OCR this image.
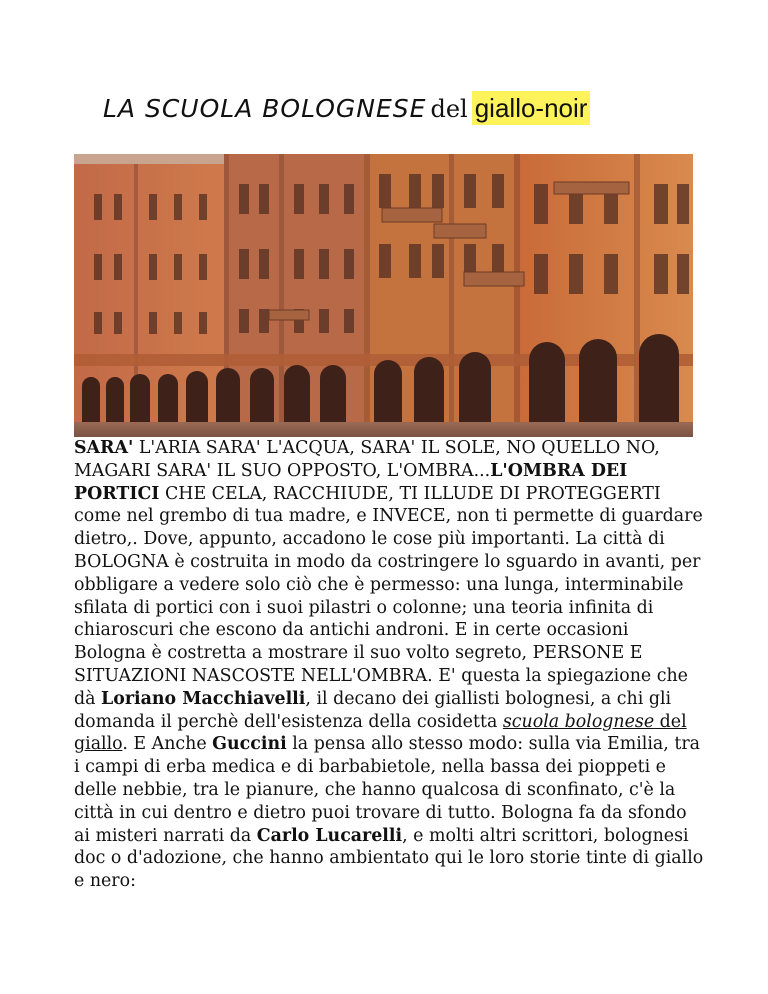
LA SCUOLA BOLOGNESE del giallo-noir
SARA' L'ARIA SARA' L'ACQUA, SARA' IL SOLE, NO QUELLO NO, MAGARI SARA' IL SUO OPPOSTO, L'OMBRA...L'OMBRA DEI PORTICI CHE CELA, RACCHIUDE, TI ILLUDE DI PROTEGGERTI come nel grembo di tua madre, e INVECE, non ti permette di guardare dietro,. Dove, appunto, accadono le cose più importanti. La città di BOLOGNA è costruita in modo da costringere lo sguardo in avanti, per obbligare a vedere solo ciò che è permesso: una lunga, interminabile sfilata di portici con i suoi pilastri o colonne; una teoria infinita di chiaroscuri che escono da antichi androni. E in certe occasioni Bologna è costretta a mostrare il suo volto segreto, PERSONE E SITUAZIONI NASCOSTE NELL'OMBRA. E' questa la spiegazione che dà Loriano Macchiavelli, il decano dei giallisti bolognesi, a chi gli domanda il perchè dell'esistenza della cosidetta scuola bolognese del giallo. E Anche Guccini la pensa allo stesso modo: sulla via Emilia, tra i campi di erba medica e di barbabietole, nella bassa dei pioppeti e delle nebbie, tra le pianure, che hanno qualcosa di sconfinato, c'è la città in cui dentro e dietro puoi trovare di tutto. Bologna fa da sfondo ai misteri narrati da Carlo Lucarelli, e molti altri scrittori, bolognesi doc o d'adozione, che hanno ambientato qui le loro storie tinte di giallo e nero:
